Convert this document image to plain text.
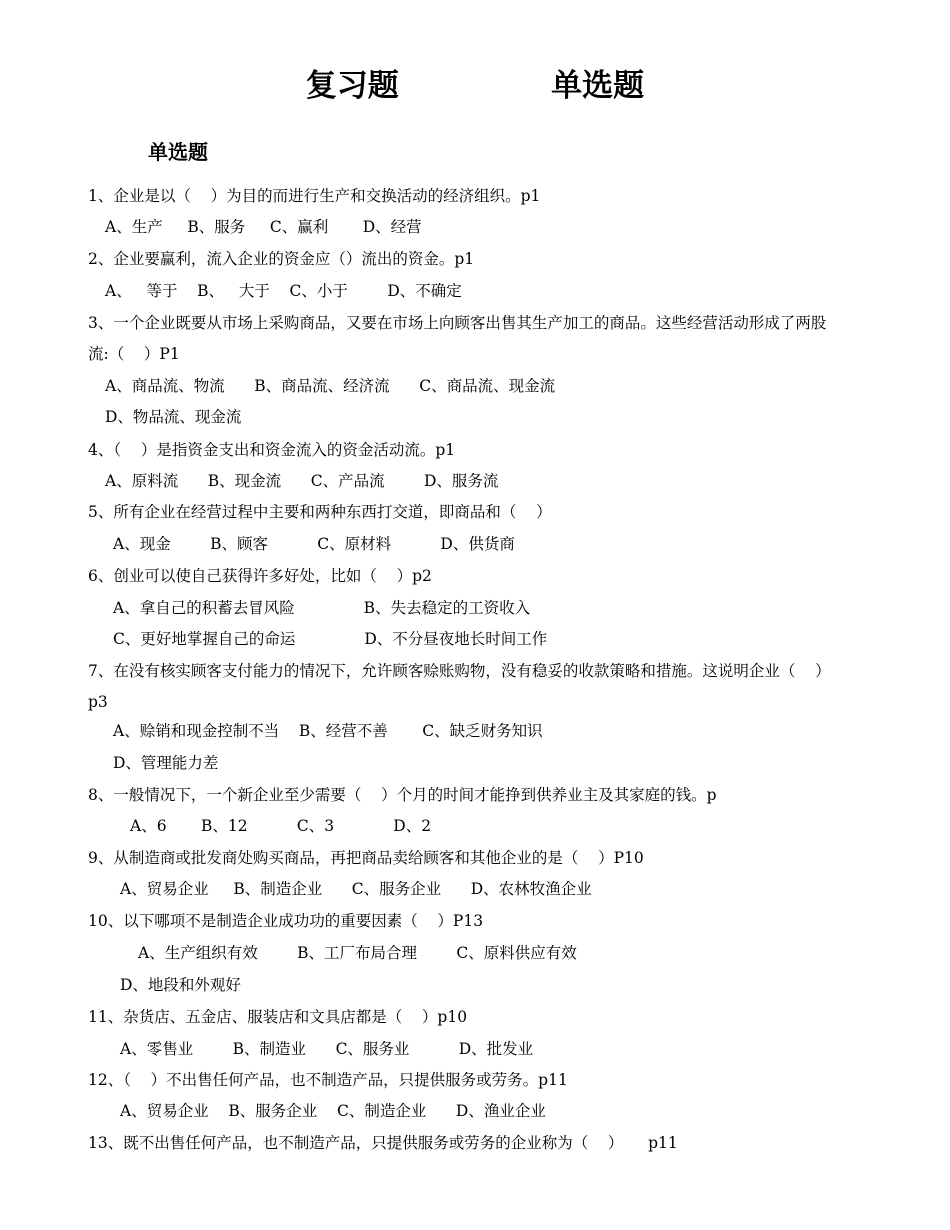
复习题   单选题
单选题
1、企业是以（    ）为目的而进行生产和交换活动的经济组织。p1
A、生产     B、服务     C、赢利       D、经营
2、企业要赢利，流入企业的资金应（）流出的资金。p1
A、   等于    B、   大于    C、小于        D、不确定
3、一个企业既要从市场上采购商品，又要在市场上向顾客出售其生产加工的商品。这些经营活动形成了两股
流:（    ）P1
A、商品流、物流      B、商品流、经济流      C、商品流、现金流
D、物品流、现金流
4、（    ）是指资金支出和资金流入的资金活动流。p1
A、原料流      B、现金流      C、产品流        D、服务流
5、所有企业在经营过程中主要和两种东西打交道，即商品和（    ）
A、现金        B、顾客          C、原材料          D、供货商
6、创业可以使自己获得许多好处，比如（    ）p2
A、拿自己的积蓄去冒风险              B、失去稳定的工资收入
C、更好地掌握自己的命运              D、不分昼夜地长时间工作
7、在没有核实顾客支付能力的情况下，允许顾客赊账购物，没有稳妥的收款策略和措施。这说明企业（    ）
p3
A、赊销和现金控制不当    B、经营不善       C、缺乏财务知识
D、管理能力差
8、一般情况下，一个新企业至少需要（    ）个月的时间才能挣到供养业主及其家庭的钱。p
A、6       B、12          C、3            D、2
9、从制造商或批发商处购买商品，再把商品卖给顾客和其他企业的是（    ）P10
A、贸易企业     B、制造企业      C、服务企业      D、农林牧渔企业
10、以下哪项不是制造企业成功功的重要因素（    ）P13
A、生产组织有效        B、工厂布局合理        C、原料供应有效
D、地段和外观好
11、杂货店、五金店、服装店和文具店都是（    ）p10
A、零售业        B、制造业      C、服务业          D、批发业
12、（    ）不出售任何产品，也不制造产品，只提供服务或劳务。p11
A、贸易企业    B、服务企业    C、制造企业      D、渔业企业
13、既不出售任何产品，也不制造产品，只提供服务或劳务的企业称为（    ）     p11
